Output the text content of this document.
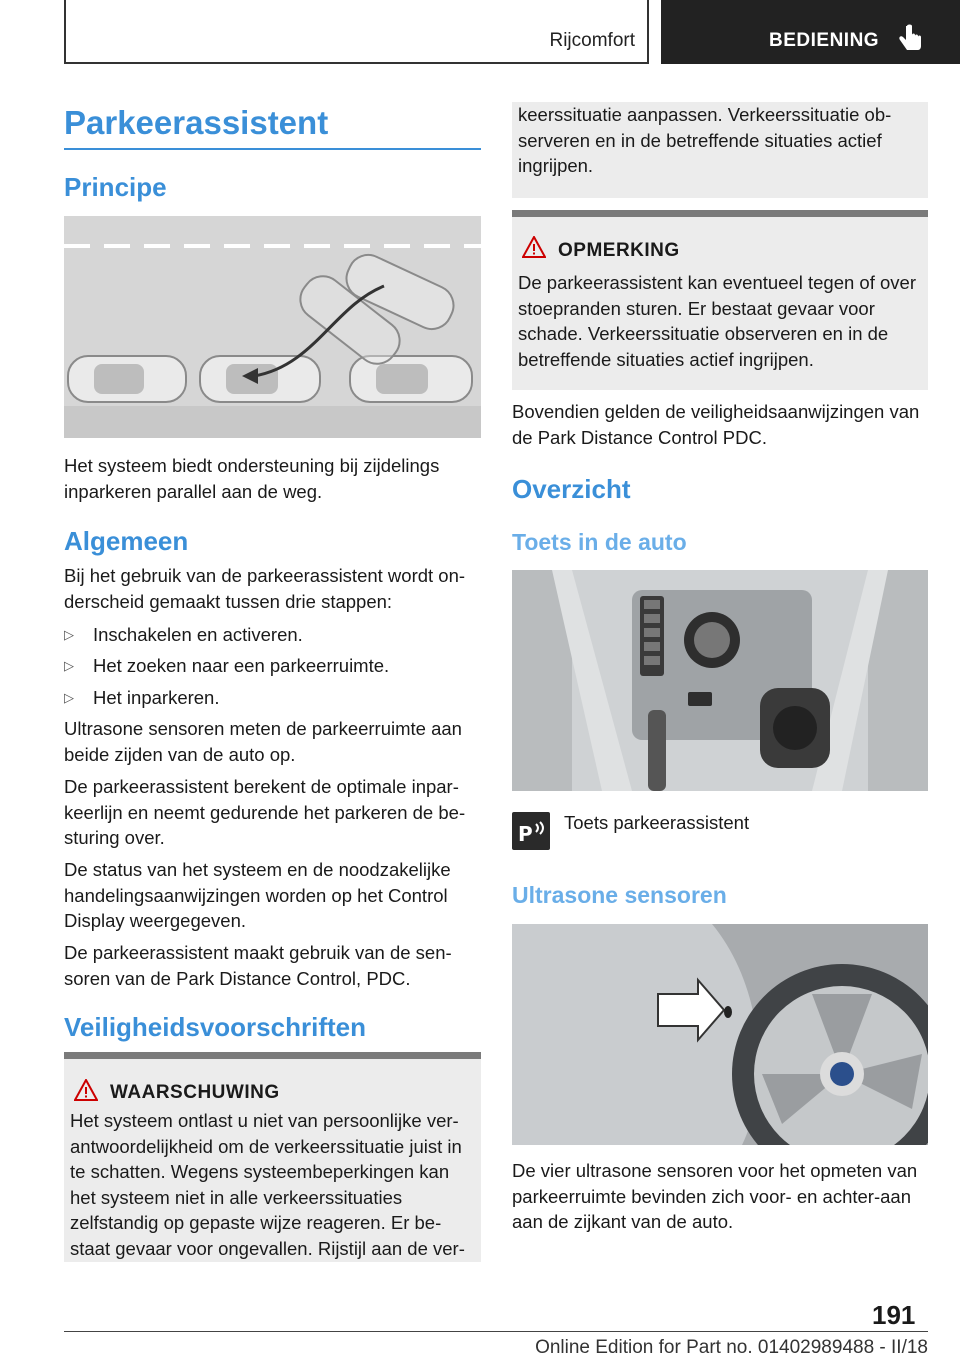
Rijcomfort	BEDIENING
Parkeerassistent
Principe
Het systeem biedt ondersteuning bij zijdelings inparkeren parallel aan de weg.
Algemeen
Bij het gebruik van de parkeerassistent wordt on-derscheid gemaakt tussen drie stappen:
▷ Inschakelen en activeren.
▷ Het zoeken naar een parkeerruimte.
▷ Het inparkeren.
Ultrasone sensoren meten de parkeerruimte aan beide zijden van de auto op.
De parkeerassistent berekent de optimale inpar-keerlijn en neemt gedurende het parkeren de be-sturing over.
De status van het systeem en de noodzakelijke handelingsaanwijzingen worden op het Control Display weergegeven.
De parkeerassistent maakt gebruik van de sen-soren van de Park Distance Control, PDC.
Veiligheidsvoorschriften
WAARSCHUWING
Het systeem ontlast u niet van persoonlijke ver-antwoordelijkheid om de verkeerssituatie juist in te schatten. Wegens systeembeperkingen kan het systeem niet in alle verkeerssituaties zelfstandig op gepaste wijze reageren. Er be-staat gevaar voor ongevallen. Rijstijl aan de ver-
keerssituatie aanpassen. Verkeerssituatie ob-serveren en in de betreffende situaties actief ingrijpen.
OPMERKING
De parkeerassistent kan eventueel tegen of over stoepranden sturen. Er bestaat gevaar voor schade. Verkeerssituatie observeren en in de betreffende situaties actief ingrijpen.
Bovendien gelden de veiligheidsaanwijzingen van de Park Distance Control PDC.
Overzicht
Toets in de auto
P Toets parkeerassistent
Ultrasone sensoren
De vier ultrasone sensoren voor het opmeten van parkeerruimte bevinden zich voor- en achter-aan aan de zijkant van de auto.
191
Online Edition for Part no. 01402989488 - II/18
